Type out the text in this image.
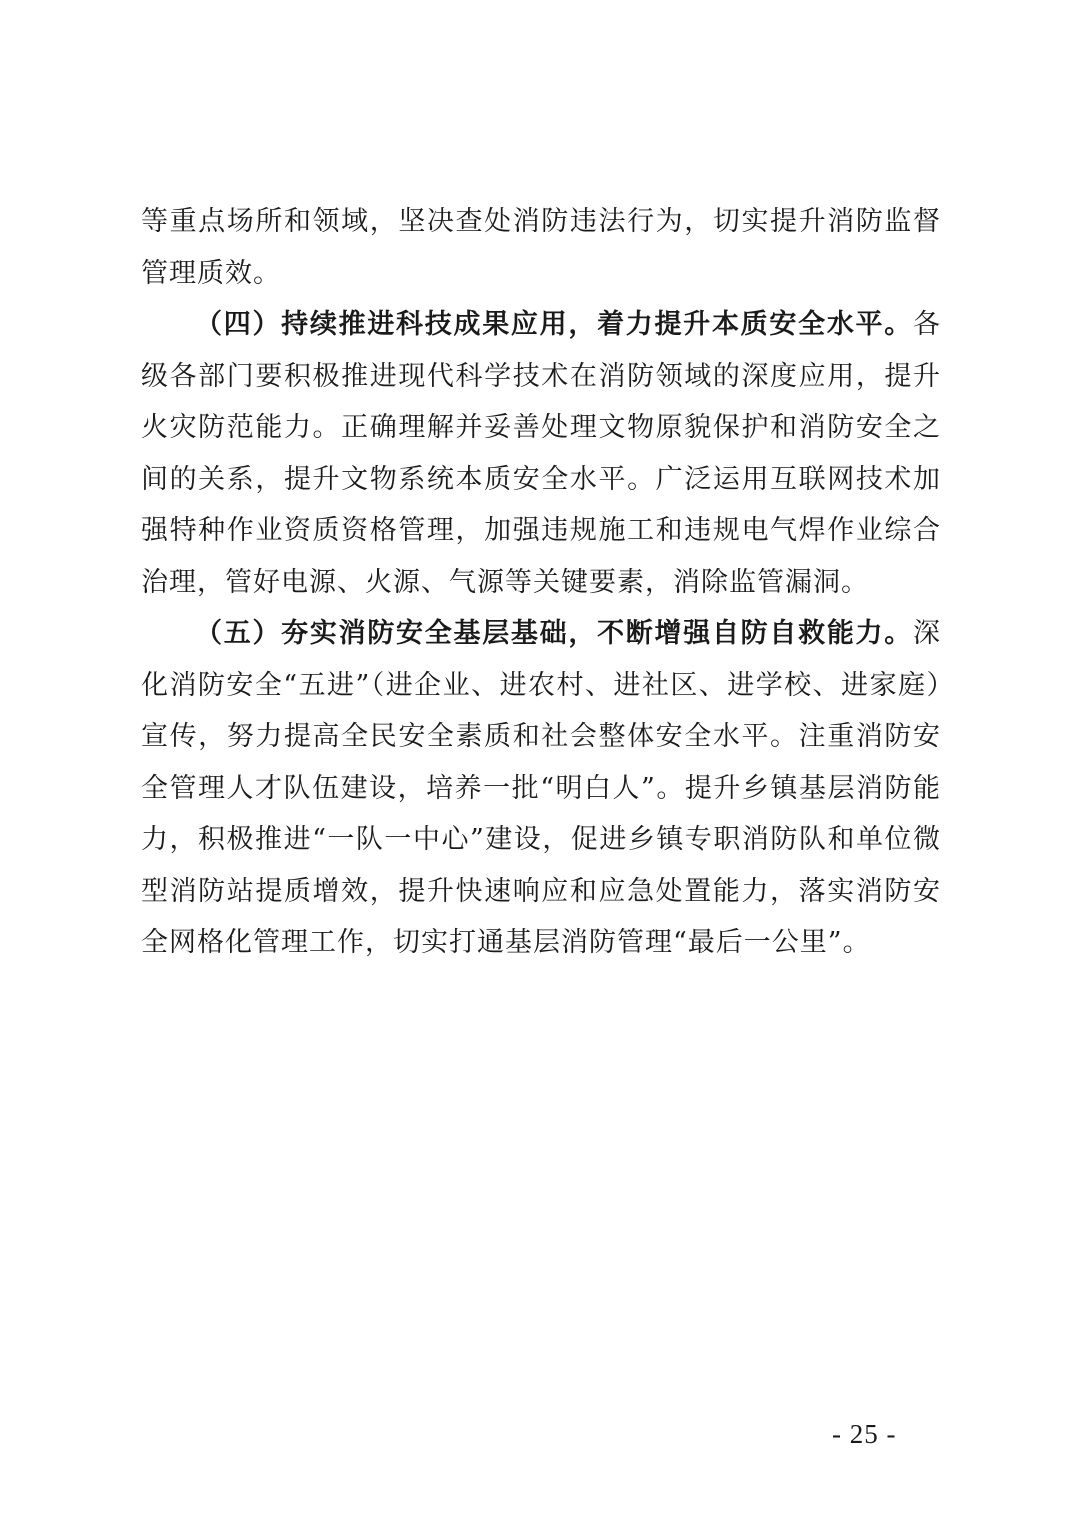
等重点场所和领域，坚决查处消防违法行为，切实提升消防监督管理质效。

（四）持续推进科技成果应用，着力提升本质安全水平。各级各部门要积极推进现代科学技术在消防领域的深度应用，提升火灾防范能力。正确理解并妥善处理文物原貌保护和消防安全之间的关系，提升文物系统本质安全水平。广泛运用互联网技术加强特种作业资质资格管理，加强违规施工和违规电气焊作业综合治理，管好电源、火源、气源等关键要素，消除监管漏洞。

（五）夯实消防安全基层基础，不断增强自防自救能力。深化消防安全“五进”（进企业、进农村、进社区、进学校、进家庭）宣传，努力提高全民安全素质和社会整体安全水平。注重消防安全管理人才队伍建设，培养一批“明白人”。提升乡镇基层消防能力，积极推进“一队一中心”建设，促进乡镇专职消防队和单位微型消防站提质增效，提升快速响应和应急处置能力，落实消防安全网格化管理工作，切实打通基层消防管理“最后一公里”。

- 25 -
